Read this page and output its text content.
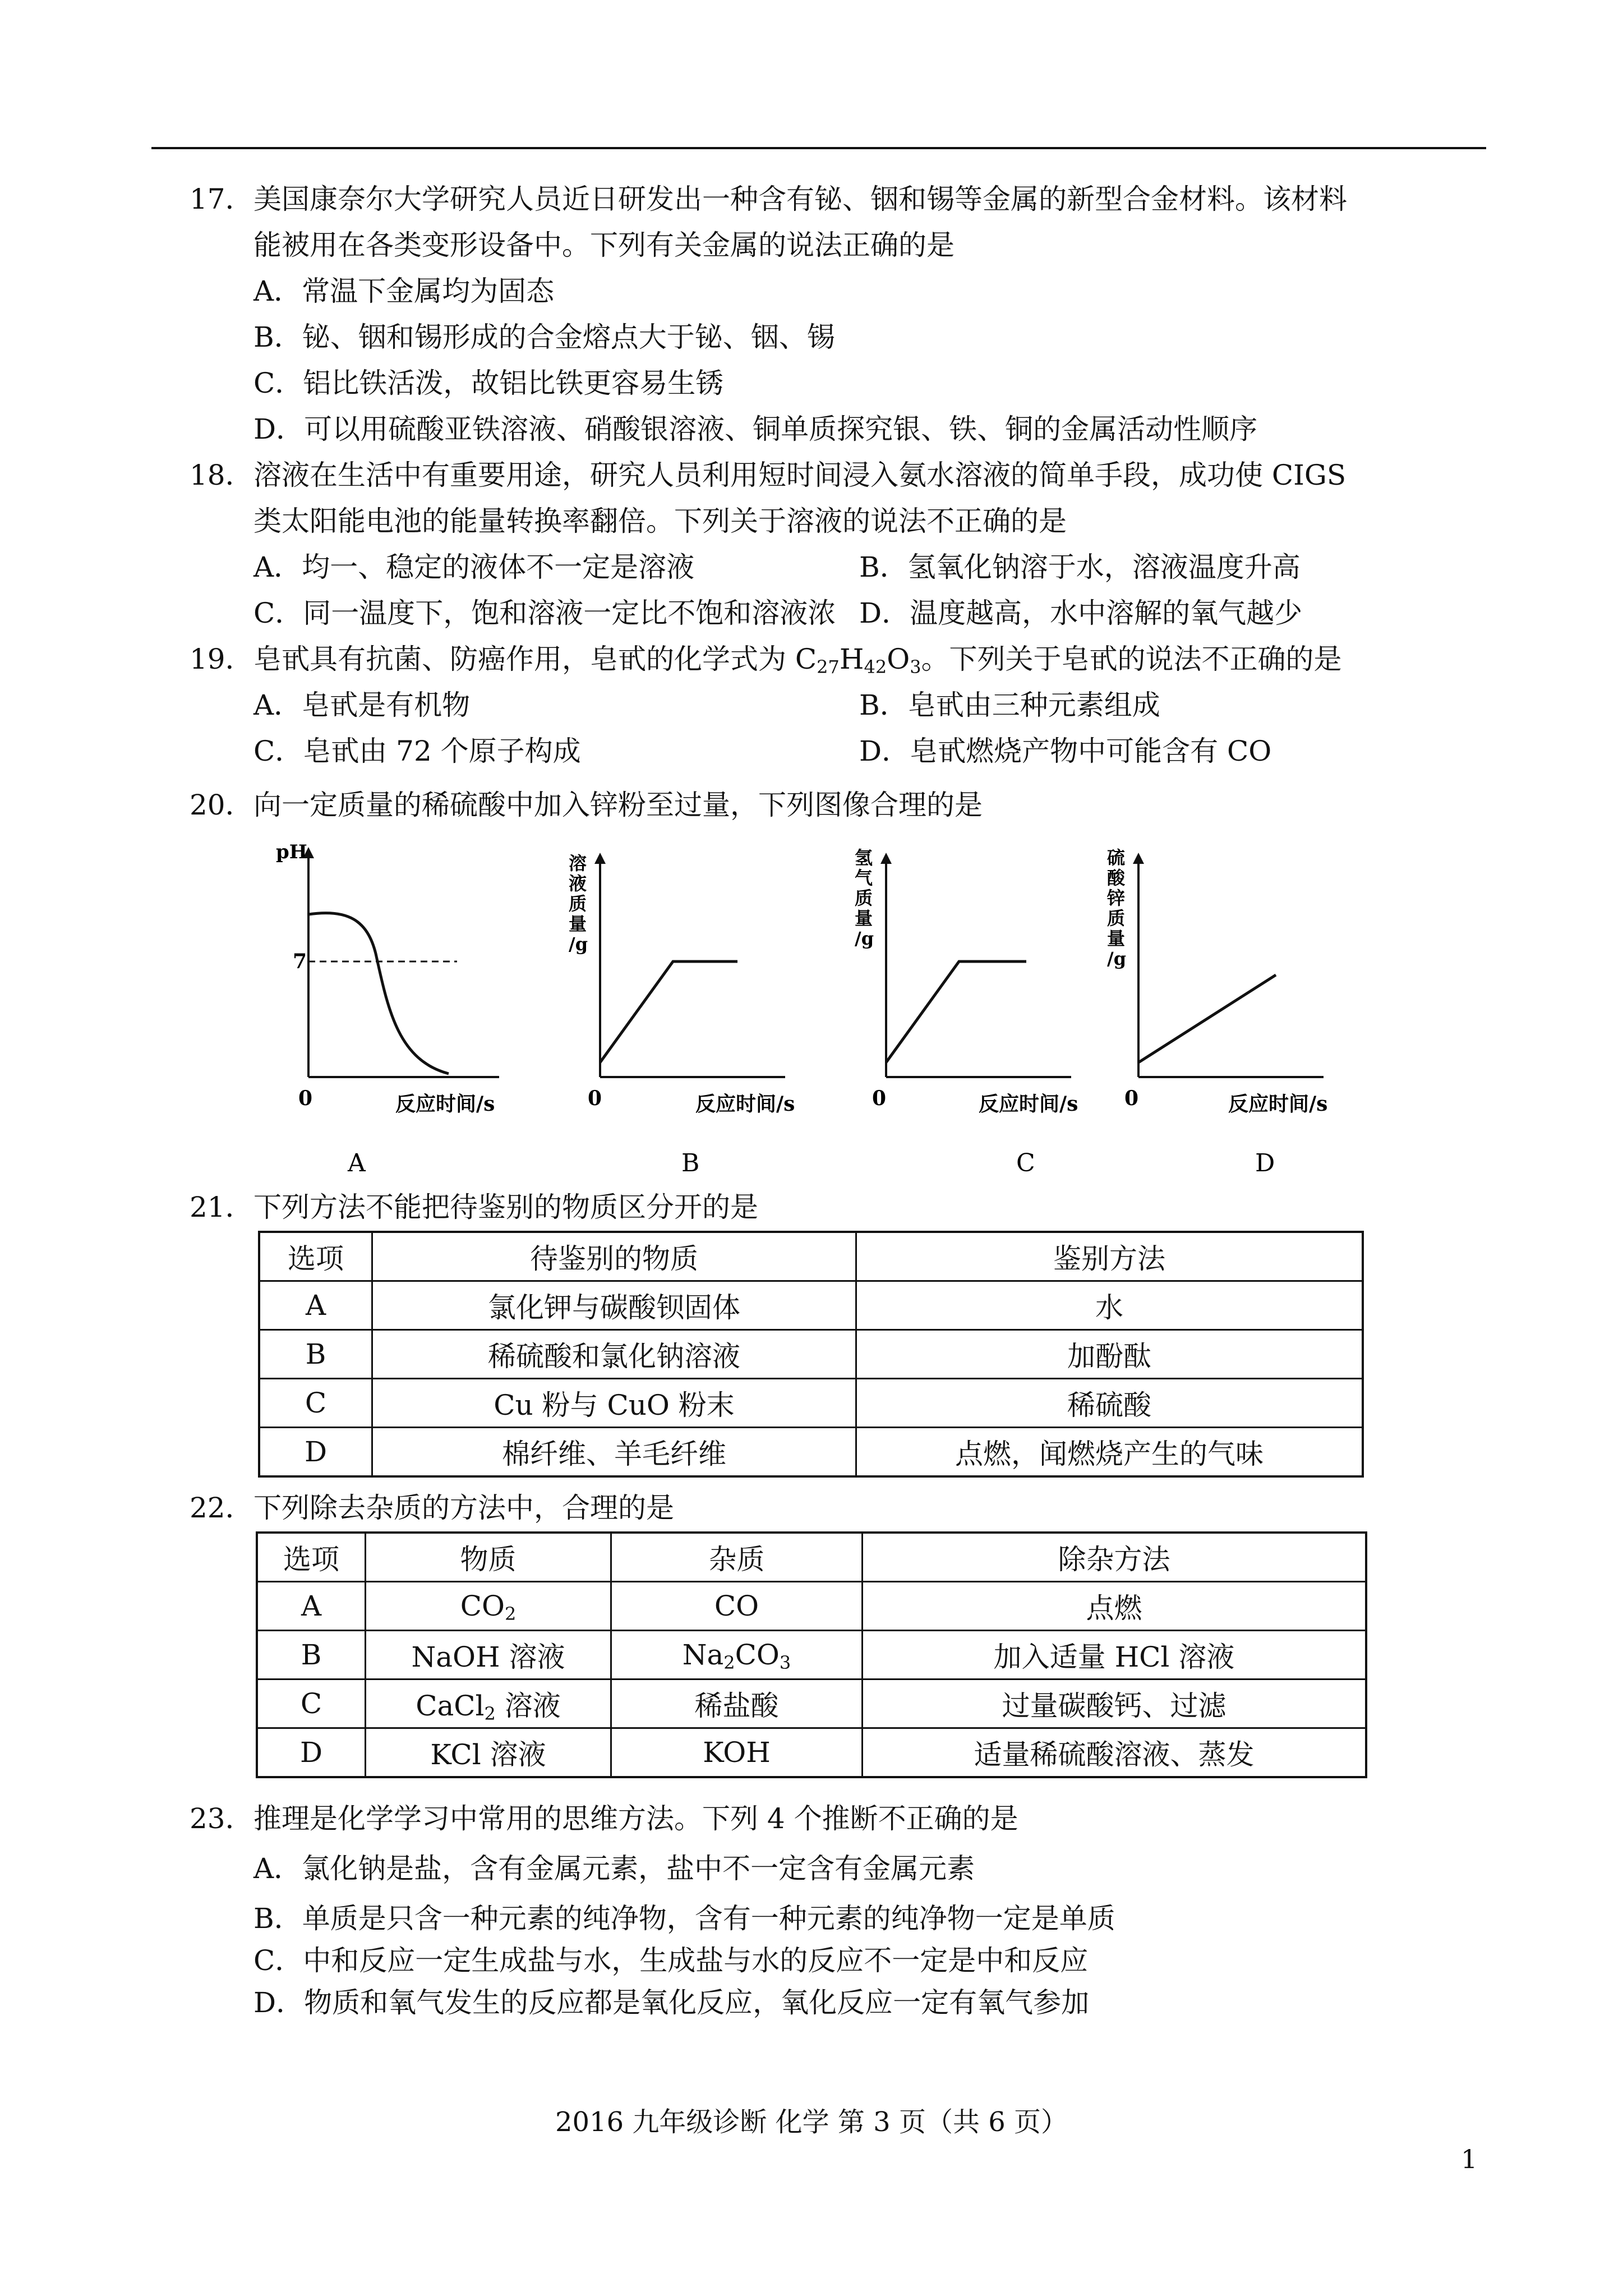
17． 美国康奈尔大学研究人员近日研发出一种含有铋、铟和锡等金属的新型合金材料。该材料
能被用在各类变形设备中。下列有关金属的说法正确的是
A．常温下金属均为固态
B．铋、铟和锡形成的合金熔点大于铋、铟、锡
C．铝比铁活泼，故铝比铁更容易生锈
D．可以用硫酸亚铁溶液、硝酸银溶液、铜单质探究银、铁、铜的金属活动性顺序
18． 溶液在生活中有重要用途，研究人员利用短时间浸入氨水溶液的简单手段，成功使 CIGS
类太阳能电池的能量转换率翻倍。下列关于溶液的说法不正确的是
A．均一、稳定的液体不一定是溶液	B．氢氧化钠溶于水，溶液温度升高
C．同一温度下，饱和溶液一定比不饱和溶液浓 D．温度越高，水中溶解的氧气越少
19． 皂甙具有抗菌、防癌作用，皂甙的化学式为 $C_{27}H_{42}O_3$。下列关于皂甙的说法不正确的是
A．皂甙是有机物	B．皂甙由三种元素组成
C．皂甙由 72 个原子构成	D．皂甙燃烧产物中可能含有 CO
20． 向一定质量的稀硫酸中加入锌粉至过量，下列图像合理的是
pH
7
0	反应时间/s
A
溶
液
质
量
/g
0	反应时间/s
B
氢
气
质
量
/g
0	反应时间/s
C
硫
酸
锌
质
量
/g
0	反应时间/s
D
21． 下列方法不能把待鉴别的物质区分开的是
选项	待鉴别的物质	鉴别方法
A	氯化钾与碳酸钡固体	水
B	稀硫酸和氯化钠溶液	加酚酞
C	Cu 粉与 CuO 粉末	稀硫酸
D	棉纤维、羊毛纤维	点燃，闻燃烧产生的气味
22． 下列除去杂质的方法中，合理的是
选项	物质	杂质	除杂方法
A	$CO_2$	CO	点燃
B	NaOH 溶液	$Na_2CO_3$	加入适量 HCl 溶液
C	CaCl$_2$ 溶液	稀盐酸	过量碳酸钙、过滤
D	KCl 溶液	KOH	适量稀硫酸溶液、蒸发
23． 推理是化学学习中常用的思维方法。下列 4 个推断不正确的是
A．氯化钠是盐，含有金属元素，盐中不一定含有金属元素
B．单质是只含一种元素的纯净物，含有一种元素的纯净物一定是单质
C．中和反应一定生成盐与水，生成盐与水的反应不一定是中和反应
D．物质和氧气发生的反应都是氧化反应，氧化反应一定有氧气参加
2016 九年级诊断 化学 第 3 页（共 6 页）
1
